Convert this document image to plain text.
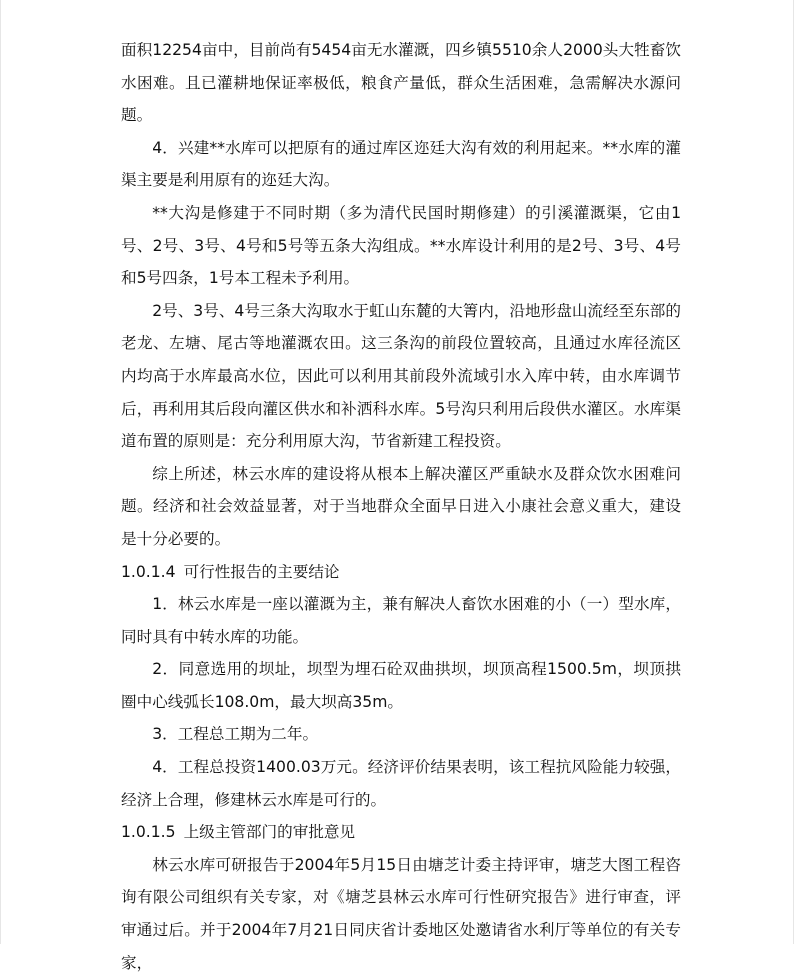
面积12254亩中，目前尚有5454亩无水灌溉，四乡镇5510余人2000头大牲畜饮水困难。且已灌耕地保证率极低，粮食产量低，群众生活困难，急需解决水源问题。

4．兴建**水库可以把原有的通过库区迩廷大沟有效的利用起来。**水库的灌渠主要是利用原有的迩廷大沟。

**大沟是修建于不同时期（多为清代民国时期修建）的引溪灌溉渠，它由1号、2号、3号、4号和5号等五条大沟组成。**水库设计利用的是2号、3号、4号和5号四条，1号本工程未予利用。

2号、3号、4号三条大沟取水于虹山东麓的大箐内，沿地形盘山流经至东部的老龙、左塘、尾古等地灌溉农田。这三条沟的前段位置较高，且通过水库径流区内均高于水库最高水位，因此可以利用其前段外流域引水入库中转，由水库调节后，再利用其后段向灌区供水和补洒科水库。5号沟只利用后段供水灌区。水库渠道布置的原则是：充分利用原大沟，节省新建工程投资。

综上所述，林云水库的建设将从根本上解决灌区严重缺水及群众饮水困难问题。经济和社会效益显著，对于当地群众全面早日进入小康社会意义重大，建设是十分必要的。

1.0.1.4 可行性报告的主要结论

1．林云水库是一座以灌溉为主，兼有解决人畜饮水困难的小（一）型水库，同时具有中转水库的功能。

2．同意选用的坝址，坝型为埋石砼双曲拱坝，坝顶高程1500.5m，坝顶拱圈中心线弧长108.0m，最大坝高35m。

3．工程总工期为二年。

4．工程总投资1400.03万元。经济评价结果表明，该工程抗风险能力较强，经济上合理，修建林云水库是可行的。

1.0.1.5 上级主管部门的审批意见

林云水库可研报告于2004年5月15日由塘芝计委主持评审，塘芝大图工程咨询有限公司组织有关专家，对《塘芝县林云水库可行性研究报告》进行审查，评审通过后。并于2004年7月21日同庆省计委地区处邀请省水利厅等单位的有关专家，
